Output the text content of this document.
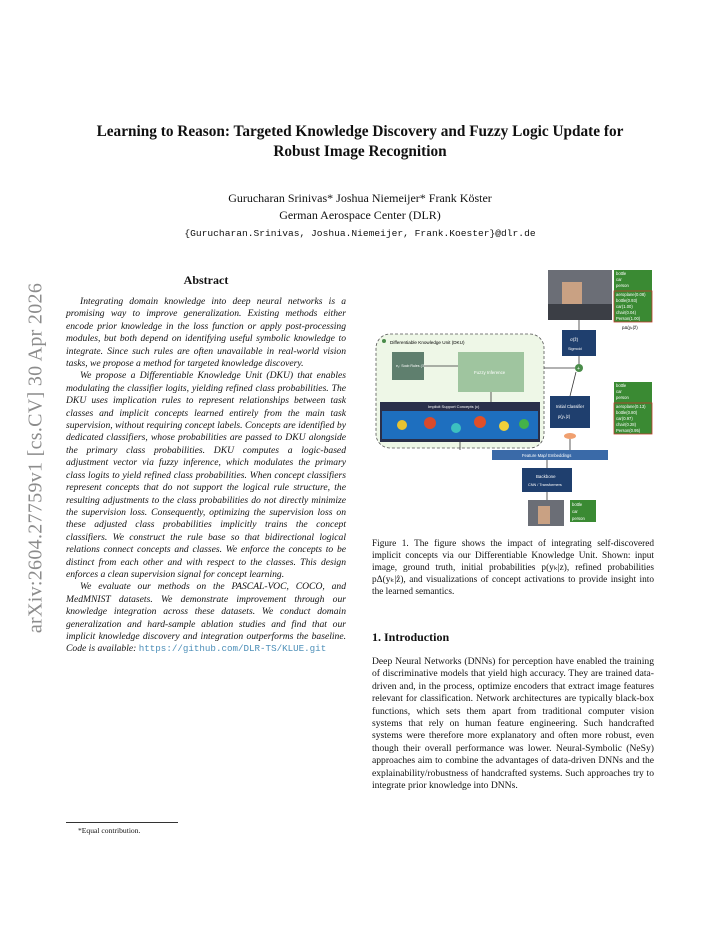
arXiv:2604.27759v1 [cs.CV] 30 Apr 2026
Learning to Reason: Targeted Knowledge Discovery and Fuzzy Logic Update for
Robust Image Recognition
Gurucharan Srinivas* Joshua Niemeijer* Frank Köster
German Aerospace Center (DLR)
{Gurucharan.Srinivas, Joshua.Niemeijer, Frank.Koester}@dlr.de
Abstract

Integrating domain knowledge into deep neural networks is a promising way to improve generalization. Existing methods either encode prior knowledge in the loss function or apply post-processing modules, but both depend on identifying useful symbolic knowledge to integrate. Since such rules are often unavailable in real-world vision tasks, we propose a method for targeted knowledge discovery.

We propose a Differentiable Knowledge Unit (DKU) that enables modulating the classifier logits, yielding refined class probabilities. The DKU uses implication rules to represent relationships between task classes and implicit concepts learned entirely from the main task supervision, without requiring concept labels. Concepts are identified by dedicated classifiers, whose probabilities are passed to DKU alongside the primary class probabilities. DKU computes a logic-based adjustment vector via fuzzy inference, which modulates the primary class logits to yield refined class probabilities. When concept classifiers represent concepts that do not support the logical rule structure, the resulting adjustments to the class probabilities do not directly minimize the supervision loss. Consequently, optimizing the supervision loss on these adjusted class probabilities implicitly trains the concept classifiers. We construct the rule base so that bidirectional logical relations connect concepts and classes. We enforce the concepts to be distinct from each other and with respect to the classes. This design enforces a clean supervision signal for concept learning.

We evaluate our methods on the PASCAL-VOC, COCO, and MedMNIST datasets. We demonstrate improvement through our knowledge integration across these datasets. We conduct domain generalization and hard-sample ablation studies and find that our implicit knowledge discovery and integration outperforms the baseline. Code is available: https://github.com/DLR-TS/KLUE.git

*Equal contribution.
bottle
car
person
aeroplane(0.08)
bottle(0.93)
car(1.00)
chair(0.04)
Person(1.00)
pΔ(yₖ|ẑ)
Differentiable Knowledge Unit (DKU)
e₁: Socb Rules (ℛ)
Fuzzy Inference
Implicit Support Concepts (c)
σ(ẑ)
Sigmoid
+
Initial Classifier
p(yₖ|z)
bottle
car
person
aeroplane(0.13)
bottle(0.80)
car(0.97)
chair(0.28)
Person(0.95)
Feature Map/ Embeddings
Backbone
CNN / Transformers
bottle
car
person
Figure 1. The figure shows the impact of integrating self-discovered implicit concepts via our Differentiable Knowledge Unit. Shown: input image, ground truth, initial probabilities p(yₖ|z), refined probabilities pΔ(yₖ|ẑ), and visualizations of concept activations to provide insight into the learned semantics.
1. Introduction
Deep Neural Networks (DNNs) for perception have enabled the training of discriminative models that yield high accuracy. They are trained data-driven and, in the process, optimize encoders that extract image features relevant for classification. Network architectures are typically black-box functions, which sets them apart from traditional computer vision systems that rely on human feature engineering. Such handcrafted systems were therefore more explanatory and often more robust, even though their overall performance was lower. Neural-Symbolic (NeSy) approaches aim to combine the advantages of data-driven DNNs and the explainability/robustness of handcrafted systems. Such approaches try to integrate prior knowledge into DNNs.
